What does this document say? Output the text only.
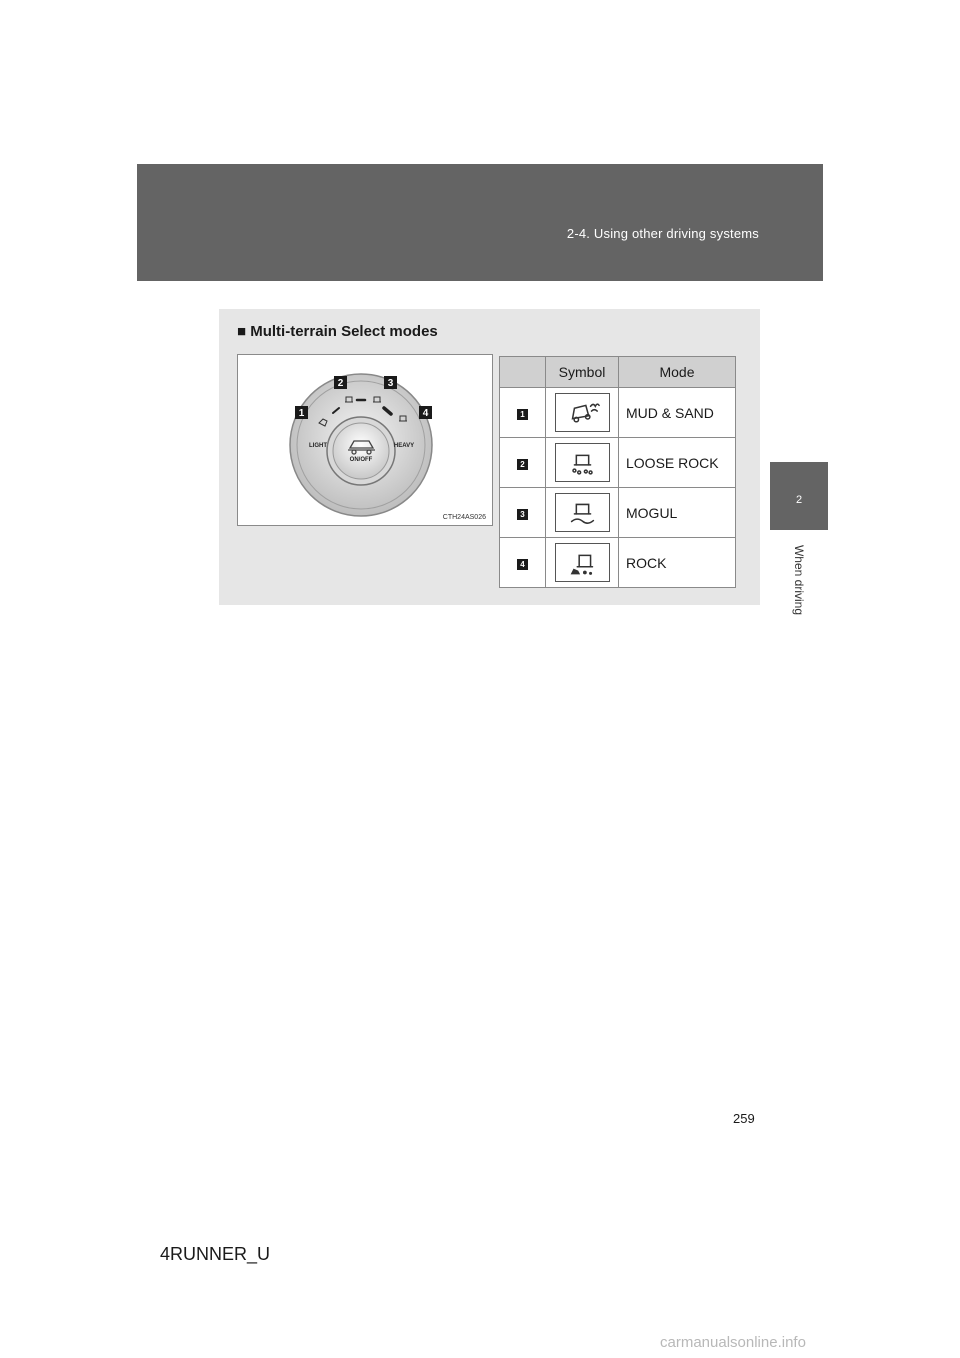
2-4. Using other driving systems
2
When driving
■ Multi-terrain Select modes
ON/OFF
LIGHT	HEAVY
1
2	3
4
CTH24AS026
	Symbol	Mode
1		MUD & SAND
2		LOOSE ROCK
3		MOGUL
4		ROCK
259
4RUNNER_U
carmanualsonline.info
